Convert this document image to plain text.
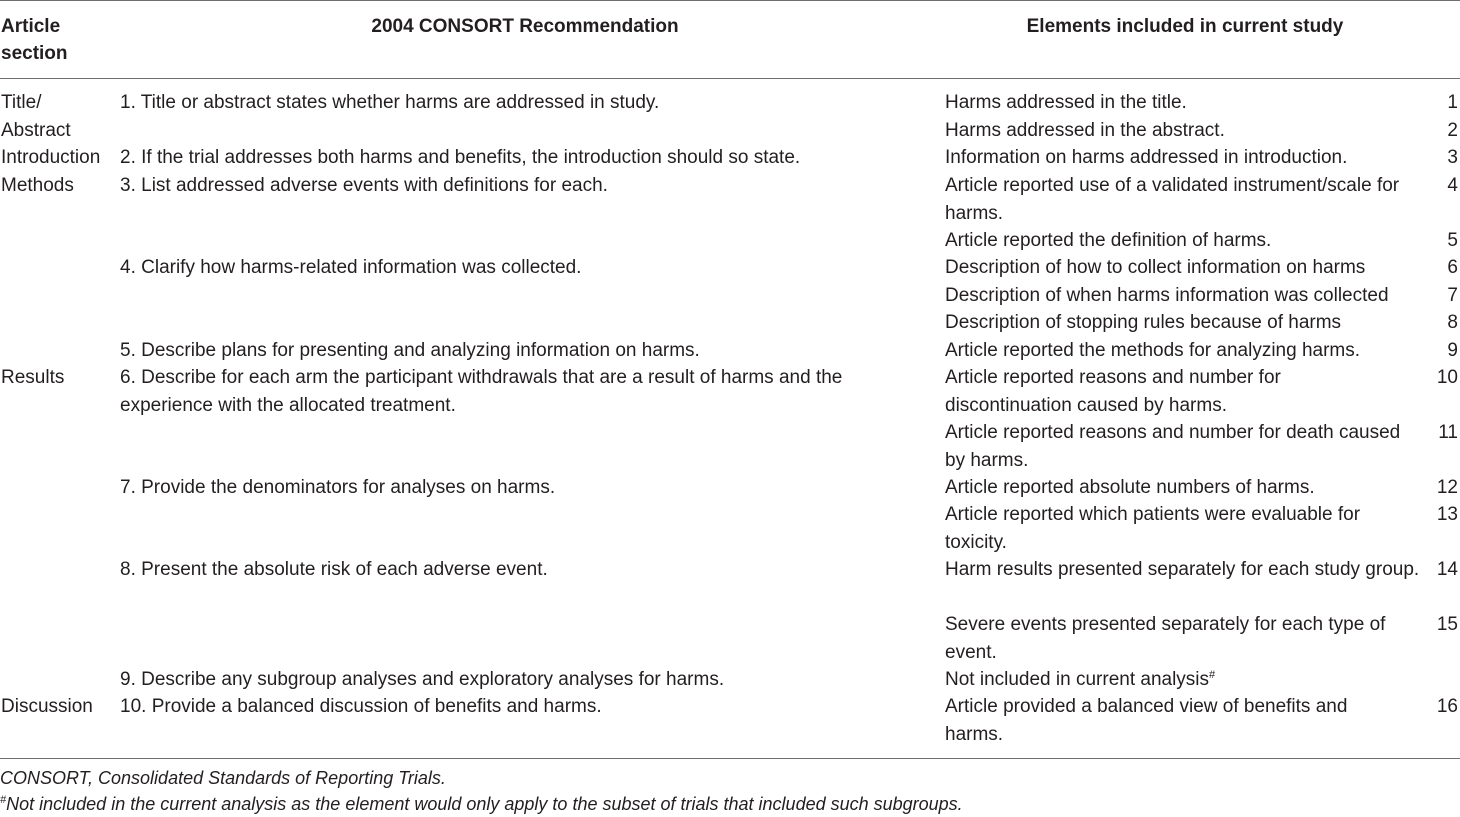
Article section
2004 CONSORT Recommendation	Elements included in current study
Title/ Abstract
Introduction
Methods
Results
Discussion
1. Title or abstract states whether harms are addressed in study.
2. If the trial addresses both harms and benefits, the introduction should so state.
3. List addressed adverse events with definitions for each.
4. Clarify how harms-related information was collected.
5. Describe plans for presenting and analyzing information on harms.
6. Describe for each arm the participant withdrawals that are a result of harms and the experience with the allocated treatment.
7. Provide the denominators for analyses on harms.
8. Present the absolute risk of each adverse event.
9. Describe any subgroup analyses and exploratory analyses for harms.
10. Provide a balanced discussion of benefits and harms.
Harms addressed in the title.
Harms addressed in the abstract.
Information on harms addressed in introduction.
Article reported use of a validated instrument/scale for harms.
Article reported the definition of harms.
Description of how to collect information on harms
Description of when harms information was collected
Description of stopping rules because of harms
Article reported the methods for analyzing harms.
Article reported reasons and number for discontinuation caused by harms.
Article reported reasons and number for death caused by harms.
Article reported absolute numbers of harms.
Article reported which patients were evaluable for toxicity.
Harm results presented separately for each study group.
Severe events presented separately for each type of event.
Not included in current analysis#
Article provided a balanced view of benefits and harms.
1
2
3
4
5
6
7
8
9
10
11
12
13
14
15
16
CONSORT, Consolidated Standards of Reporting Trials.
#Not included in the current analysis as the element would only apply to the subset of trials that included such subgroups.
